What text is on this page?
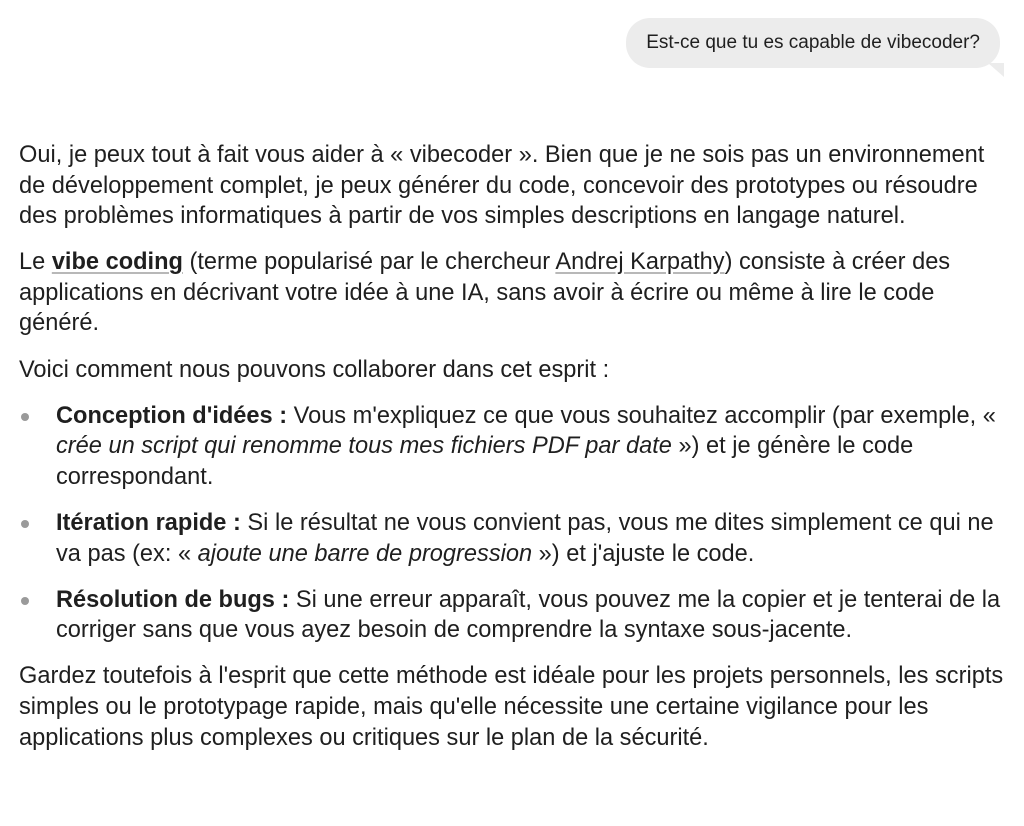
Est-ce que tu es capable de vibecoder?

Oui, je peux tout à fait vous aider à « vibecoder ». Bien que je ne sois pas un environnement de développement complet, je peux générer du code, concevoir des prototypes ou résoudre des problèmes informatiques à partir de vos simples descriptions en langage naturel.

Le vibe coding (terme popularisé par le chercheur Andrej Karpathy) consiste à créer des applications en décrivant votre idée à une IA, sans avoir à écrire ou même à lire le code généré.

Voici comment nous pouvons collaborer dans cet esprit :

Conception d'idées : Vous m'expliquez ce que vous souhaitez accomplir (par exemple, « crée un script qui renomme tous mes fichiers PDF par date ») et je génère le code correspondant.
Itération rapide : Si le résultat ne vous convient pas, vous me dites simplement ce qui ne va pas (ex: « ajoute une barre de progression ») et j'ajuste le code.
Résolution de bugs : Si une erreur apparaît, vous pouvez me la copier et je tenterai de la corriger sans que vous ayez besoin de comprendre la syntaxe sous-jacente.

Gardez toutefois à l'esprit que cette méthode est idéale pour les projets personnels, les scripts simples ou le prototypage rapide, mais qu'elle nécessite une certaine vigilance pour les applications plus complexes ou critiques sur le plan de la sécurité.
